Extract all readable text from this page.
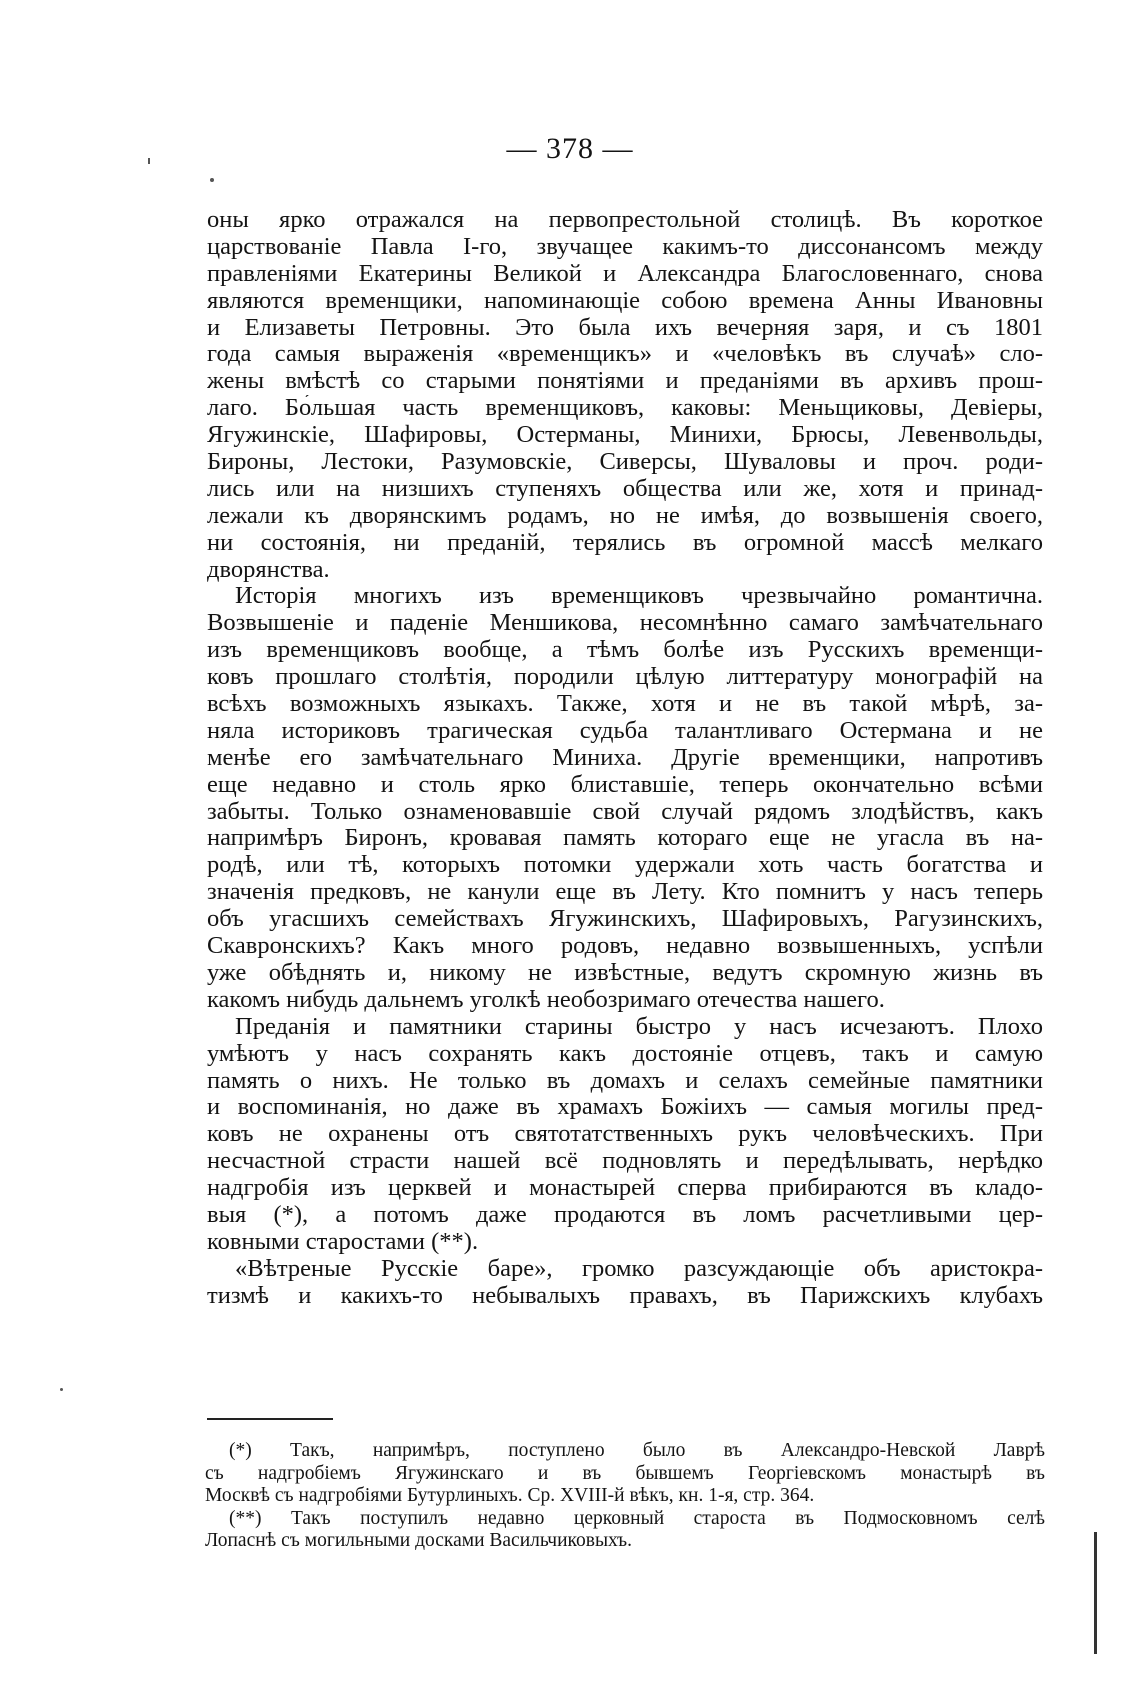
— 378 —
оны ярко отражался на первопрестольной столицѣ. Въ короткое
царствованіе Павла I-го, звучащее какимъ-то диссонансомъ между
правленіями Екатерины Великой и Александра Благословеннаго, снова
являются временщики, напоминающіе собою времена Анны Ивановны
и Елизаветы Петровны. Это была ихъ вечерняя заря, и съ 1801
года самыя выраженія «временщикъ» и «человѣкъ въ случаѣ» сло-
жены вмѣстѣ со старыми понятіями и преданіями въ архивъ прош-
лаго. Бо́льшая часть временщиковъ, каковы: Меньщиковы, Девіеры,
Ягужинскіе, Шафировы, Остерманы, Минихи, Брюсы, Левенвольды,
Бироны, Лестоки, Разумовскіе, Сиверсы, Шуваловы и проч. роди-
лись или на низшихъ ступеняхъ общества или же, хотя и принад-
лежали къ дворянскимъ родамъ, но не имѣя, до возвышенія своего,
ни состоянія, ни преданій, терялись въ огромной массѣ мелкаго
дворянства.
Исторія многихъ изъ временщиковъ чрезвычайно романтична.
Возвышеніе и паденіе Меншикова, несомнѣнно самаго замѣчательнаго
изъ временщиковъ вообще, а тѣмъ болѣе изъ Русскихъ временщи-
ковъ прошлаго столѣтія, породили цѣлую литтературу монографій на
всѣхъ возможныхъ языкахъ. Также, хотя и не въ такой мѣрѣ, за-
няла историковъ трагическая судьба талантливаго Остермана и не
менѣе его замѣчательнаго Миниха. Другіе временщики, напротивъ
еще недавно и столь ярко блиставшіе, теперь окончательно всѣми
забыты. Только ознаменовавшіе свой случай рядомъ злодѣйствъ, какъ
напримѣръ Биронъ, кровавая память котораго еще не угасла въ на-
родѣ, или тѣ, которыхъ потомки удержали хоть часть богатства и
значенія предковъ, не канули еще въ Лету. Кто помнитъ у насъ теперь
объ угасшихъ семействахъ Ягужинскихъ, Шафировыхъ, Рагузинскихъ,
Скавронскихъ? Какъ много родовъ, недавно возвышенныхъ, успѣли
уже обѣднять и, никому не извѣстные, ведутъ скромную жизнь въ
какомъ нибудь дальнемъ уголкѣ необозримаго отечества нашего.
Преданія и памятники старины быстро у насъ исчезаютъ. Плохо
умѣютъ у насъ сохранять какъ достояніе отцевъ, такъ и самую
память о нихъ. Не только въ домахъ и селахъ семейные памятники
и воспоминанія, но даже въ храмахъ Божіихъ — самыя могилы пред-
ковъ не охранены отъ святотатственныхъ рукъ человѣческихъ. При
несчастной страсти нашей всё подновлять и передѣлывать, нерѣдко
надгробія изъ церквей и монастырей сперва прибираются въ кладо-
выя (*), а потомъ даже продаются въ ломъ расчетливыми цер-
ковными старостами (**).
«Вѣтреные Русскіе баре», громко разсуждающіе объ аристокра-
тизмѣ и какихъ-то небывалыхъ правахъ, въ Парижскихъ клубахъ
(*) Такъ, напримѣръ, поступлено было въ Александро-Невской Лаврѣ
съ надгробіемъ Ягужинскаго и въ бывшемъ Георгіевскомъ монастырѣ въ
Москвѣ съ надгробіями Бутурлиныхъ. Ср. XVIII-й вѣкъ, кн. 1-я, стр. 364.
(**) Такъ поступилъ недавно церковный староста въ Подмосковномъ селѣ
Лопаснѣ съ могильными досками Васильчиковыхъ.
